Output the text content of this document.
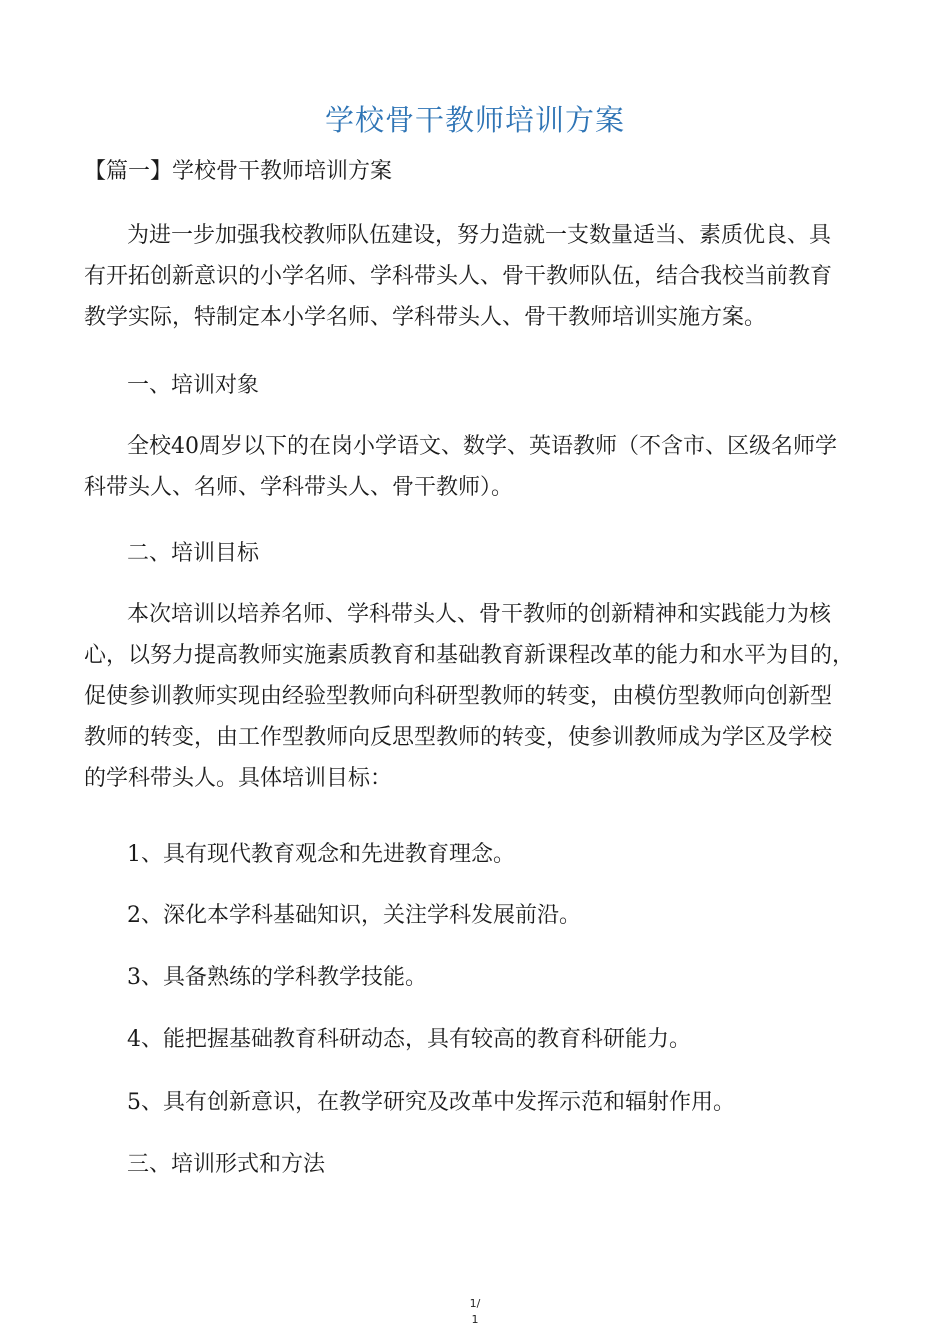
学校骨干教师培训方案
【篇一】学校骨干教师培训方案
为进一步加强我校教师队伍建设，努力造就一支数量适当、素质优良、具
有开拓创新意识的小学名师、学科带头人、骨干教师队伍，结合我校当前教育
教学实际，特制定本小学名师、学科带头人、骨干教师培训实施方案。
一、培训对象
全校40周岁以下的在岗小学语文、数学、英语教师（不含市、区级名师学
科带头人、名师、学科带头人、骨干教师）。
二、培训目标
本次培训以培养名师、学科带头人、骨干教师的创新精神和实践能力为核
心，以努力提高教师实施素质教育和基础教育新课程改革的能力和水平为目的，
促使参训教师实现由经验型教师向科研型教师的转变，由模仿型教师向创新型
教师的转变，由工作型教师向反思型教师的转变，使参训教师成为学区及学校
的学科带头人。具体培训目标：
1、具有现代教育观念和先进教育理念。
2、深化本学科基础知识，关注学科发展前沿。
3、具备熟练的学科教学技能。
4、能把握基础教育科研动态，具有较高的教育科研能力。
5、具有创新意识，在教学研究及改革中发挥示范和辐射作用。
三、培训形式和方法
1/
1
